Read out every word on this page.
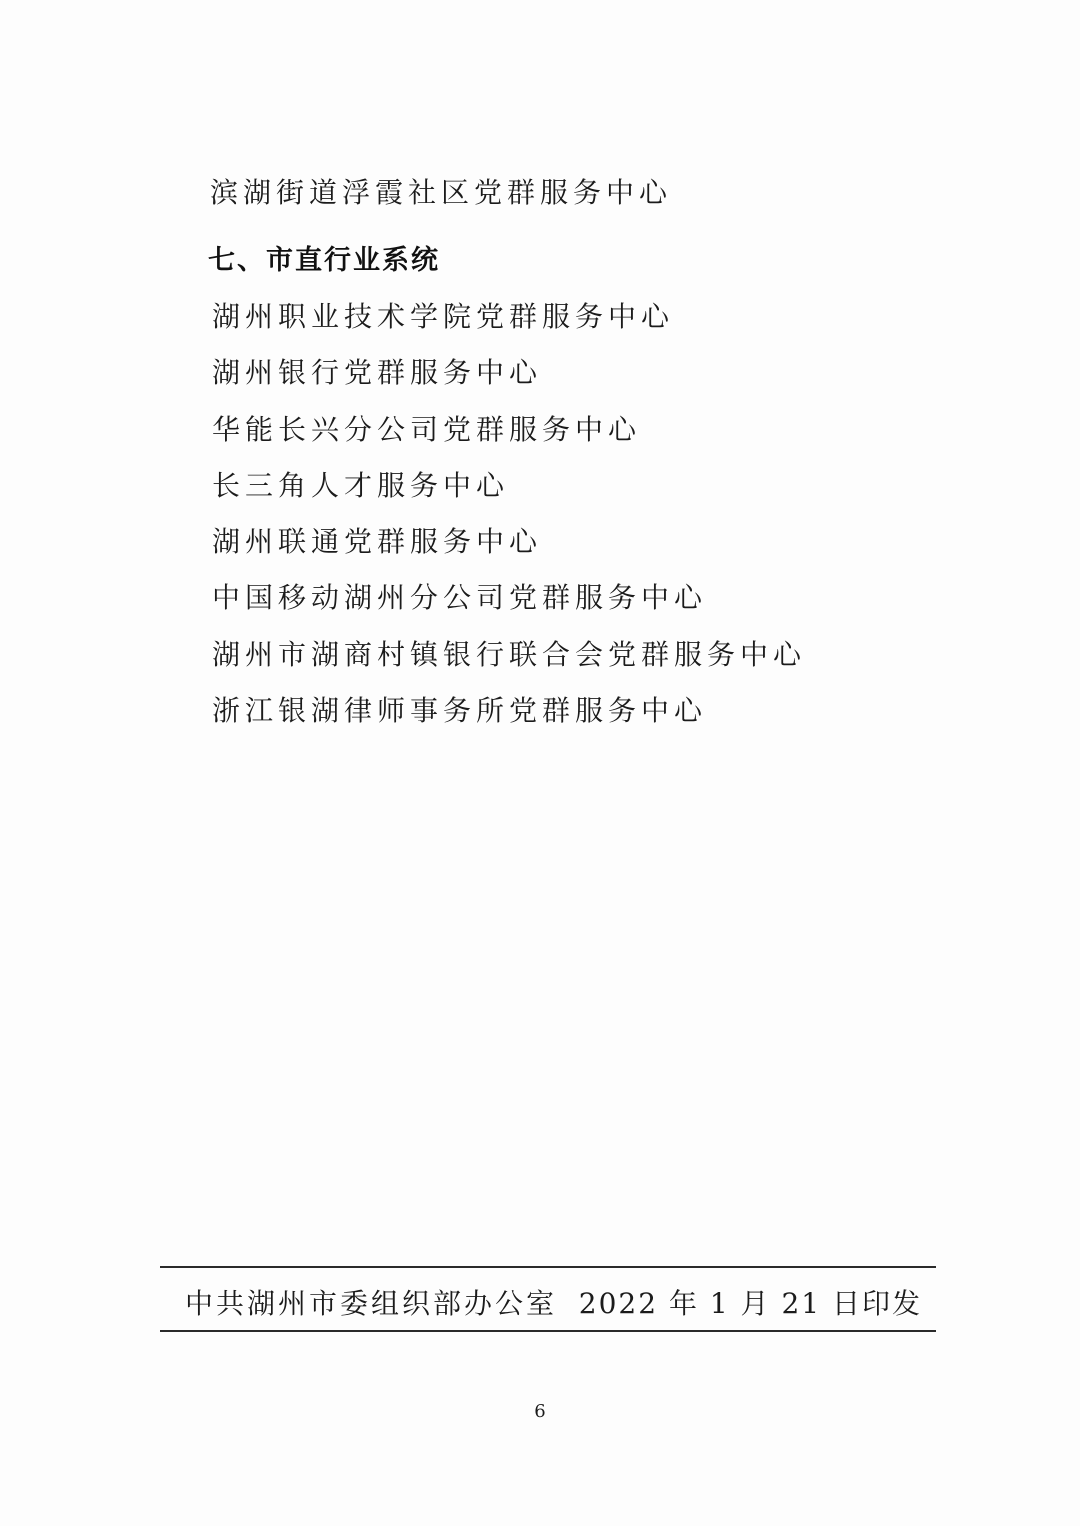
滨湖街道浮霞社区党群服务中心
七、市直行业系统
湖州职业技术学院党群服务中心
湖州银行党群服务中心
华能长兴分公司党群服务中心
长三角人才服务中心
湖州联通党群服务中心
中国移动湖州分公司党群服务中心
湖州市湖商村镇银行联合会党群服务中心
浙江银湖律师事务所党群服务中心
中共湖州市委组织部办公室 2022 年 1 月 21 日印发
6
